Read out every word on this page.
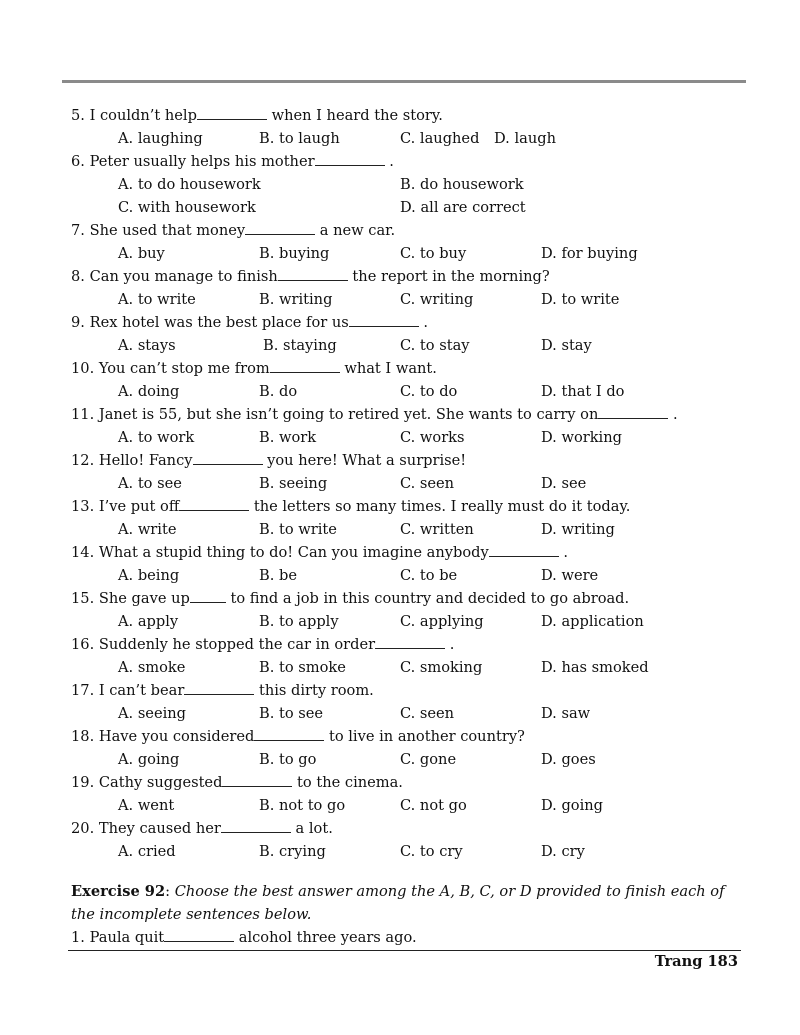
5. I couldn’t help	when I heard the story.
A. laughing	B. to laugh	C. laughed D. laugh
6. Peter usually helps his mother	.
A. to do housework	B. do housework
C. with housework	D. all are correct
7. She used that money	a new car.
A. buy	B. buying	C. to buy	D. for buying
8. Can you manage to finish	the report in the morning?
A. to write	B. writing	C. writing	D. to write
9. Rex hotel was the best place for us	.
A. stays	B. staying	C. to stay	D. stay
10. You can’t stop me from	what I want.
A. doing	B. do	C. to do	D. that I do
11. Janet is 55, but she isn’t going to retired yet. She wants to carry on	.
A. to work	B. work	C. works	D. working
12. Hello! Fancy	you here! What a surprise!
A. to see	B. seeing	C. seen	D. see
13. I’ve put off	the letters so many times. I really must do it today.
A. write	B. to write	C. written	D. writing
14. What a stupid thing to do! Can you imagine anybody	.
A. being	B. be	C. to be	D. were
15. She gave up to find a job in this country and decided to go abroad.
A. apply	B. to apply	C. applying	D. application
16. Suddenly he stopped the car in order	.
A. smoke	B. to smoke	C. smoking	D. has smoked
17. I can’t bear	this dirty room.
A. seeing	B. to see	C. seen	D. saw
18. Have you considered	to live in another country?
A. going	B. to go	C. gone	D. goes
19. Cathy suggested	to the cinema.
A. went	B. not to go	C. not go	D. going
20. They caused her	a lot.
A. cried	B. crying	C. to cry	D. cry
Exercise 92: Choose the best answer among the A, B, C, or D provided to finish each of the incomplete sentences below.
1. Paula quit	alcohol three years ago.
Trang 183
